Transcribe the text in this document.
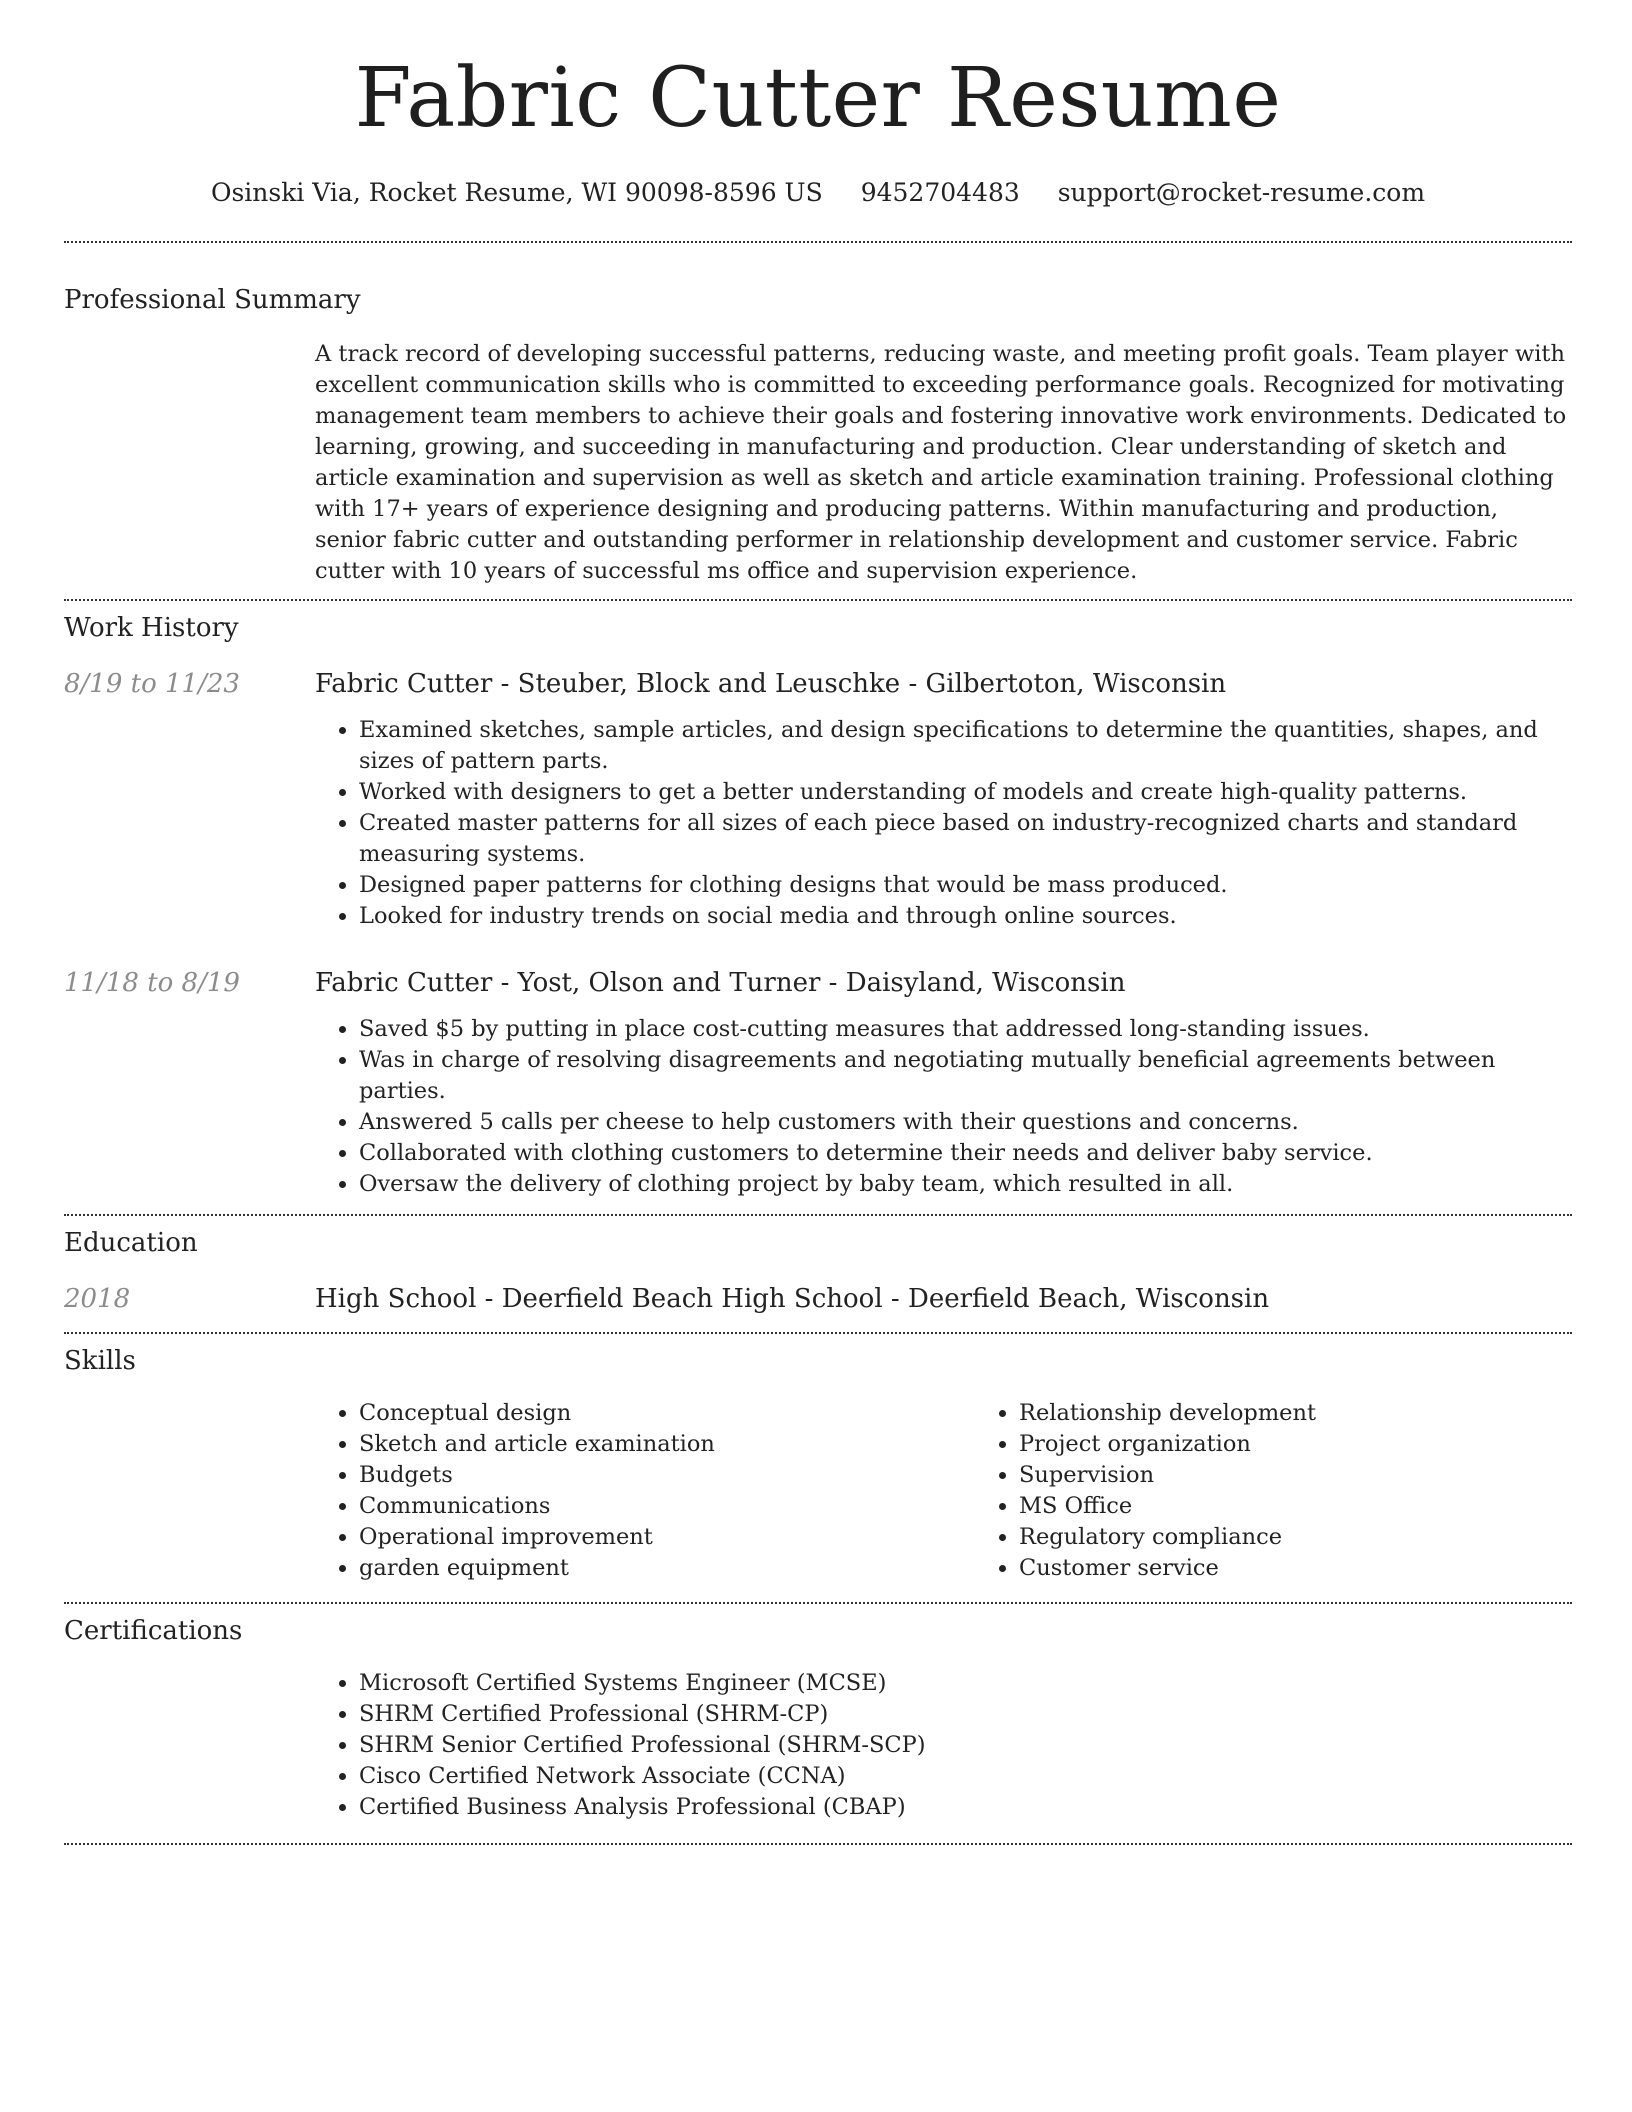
Fabric Cutter Resume
Osinski Via, Rocket Resume, WI 90098-8596 US 9452704483 support@rocket-resume.com
Professional Summary

A track record of developing successful patterns, reducing waste, and meeting profit goals. Team player with excellent communication skills who is committed to exceeding performance goals. Recognized for motivating management team members to achieve their goals and fostering innovative work environments. Dedicated to learning, growing, and succeeding in manufacturing and production. Clear understanding of sketch and article examination and supervision as well as sketch and article examination training. Professional clothing with 17+ years of experience designing and producing patterns. Within manufacturing and production, senior fabric cutter and outstanding performer in relationship development and customer service. Fabric cutter with 10 years of successful ms office and supervision experience.

Work History
8/19 to 11/23	Fabric Cutter - Steuber, Block and Leuschke - Gilbertoton, Wisconsin
• Examined sketches, sample articles, and design specifications to determine the quantities, shapes, and sizes of pattern parts.
• Worked with designers to get a better understanding of models and create high-quality patterns.
• Created master patterns for all sizes of each piece based on industry-recognized charts and standard measuring systems.
• Designed paper patterns for clothing designs that would be mass produced.
• Looked for industry trends on social media and through online sources.
11/18 to 8/19	Fabric Cutter - Yost, Olson and Turner - Daisyland, Wisconsin
• Saved $5 by putting in place cost-cutting measures that addressed long-standing issues.
• Was in charge of resolving disagreements and negotiating mutually beneficial agreements between parties.
• Answered 5 calls per cheese to help customers with their questions and concerns.
• Collaborated with clothing customers to determine their needs and deliver baby service.
• Oversaw the delivery of clothing project by baby team, which resulted in all.
Education
2018	High School - Deerfield Beach High School - Deerfield Beach, Wisconsin
Skills
• Conceptual design
• Sketch and article examination
• Budgets
• Communications
• Operational improvement
• garden equipment
• Relationship development
• Project organization
• Supervision
• MS Office
• Regulatory compliance
• Customer service
Certifications
• Microsoft Certified Systems Engineer (MCSE)
• SHRM Certified Professional (SHRM-CP)
• SHRM Senior Certified Professional (SHRM-SCP)
• Cisco Certified Network Associate (CCNA)
• Certified Business Analysis Professional (CBAP)
